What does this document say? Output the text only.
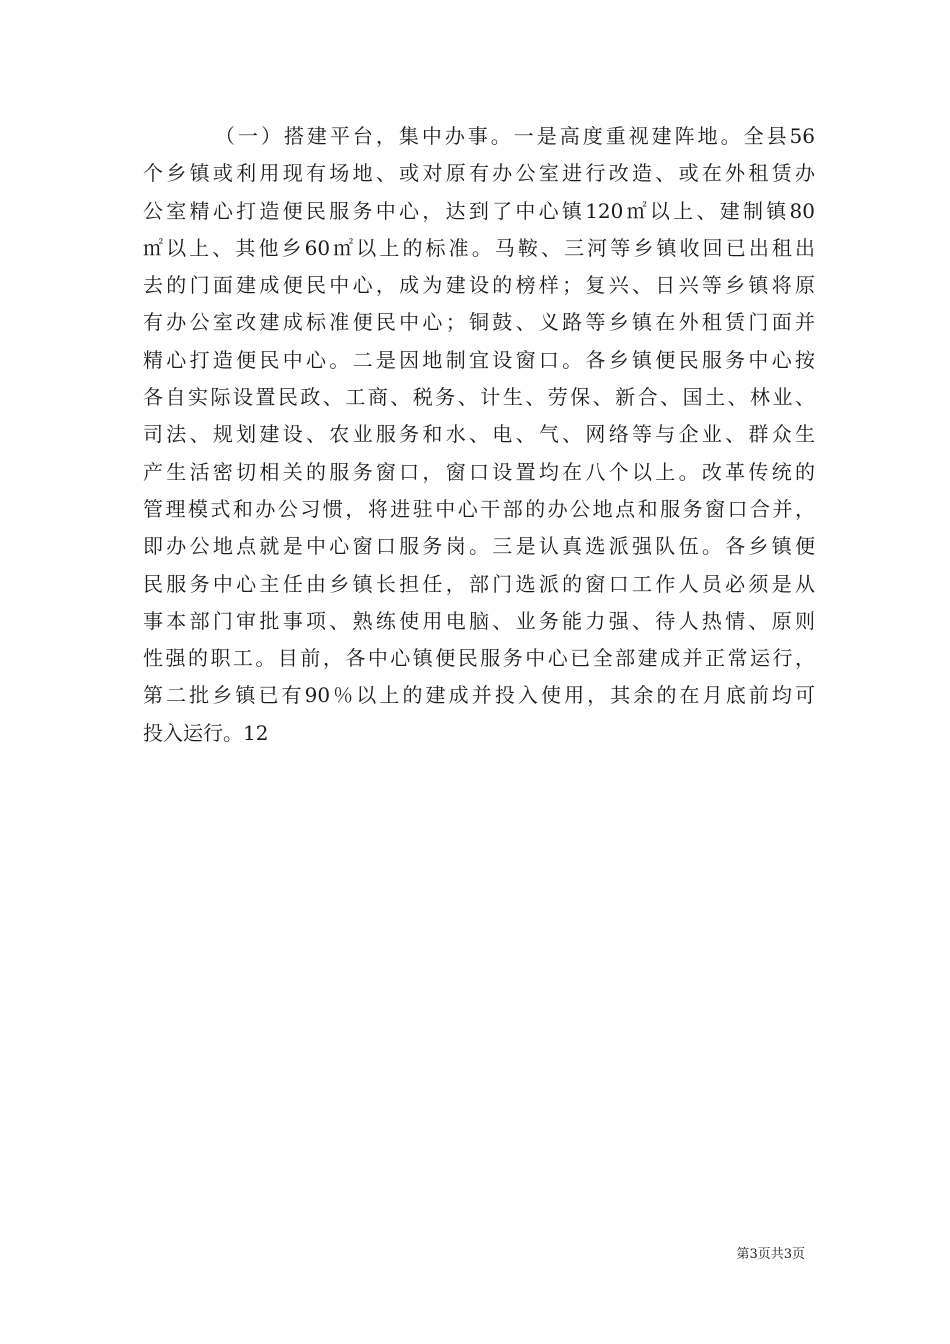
（一）搭建平台，集中办事。一是高度重视建阵地。全县56
个乡镇或利用现有场地、或对原有办公室进行改造、或在外租赁办
公室精心打造便民服务中心，达到了中心镇120㎡以上、建制镇80
㎡以上、其他乡60㎡以上的标准。马鞍、三河等乡镇收回已出租出
去的门面建成便民中心，成为建设的榜样；复兴、日兴等乡镇将原
有办公室改建成标准便民中心；铜鼓、义路等乡镇在外租赁门面并
精心打造便民中心。二是因地制宜设窗口。各乡镇便民服务中心按
各自实际设置民政、工商、税务、计生、劳保、新合、国土、林业、
司法、规划建设、农业服务和水、电、气、网络等与企业、群众生
产生活密切相关的服务窗口，窗口设置均在八个以上。改革传统的
管理模式和办公习惯，将进驻中心干部的办公地点和服务窗口合并，
即办公地点就是中心窗口服务岗。三是认真选派强队伍。各乡镇便
民服务中心主任由乡镇长担任，部门选派的窗口工作人员必须是从
事本部门审批事项、熟练使用电脑、业务能力强、待人热情、原则
性强的职工。目前，各中心镇便民服务中心已全部建成并正常运行，
第二批乡镇已有90％以上的建成并投入使用，其余的在月底前均可
投入运行。12
第3页共3页
